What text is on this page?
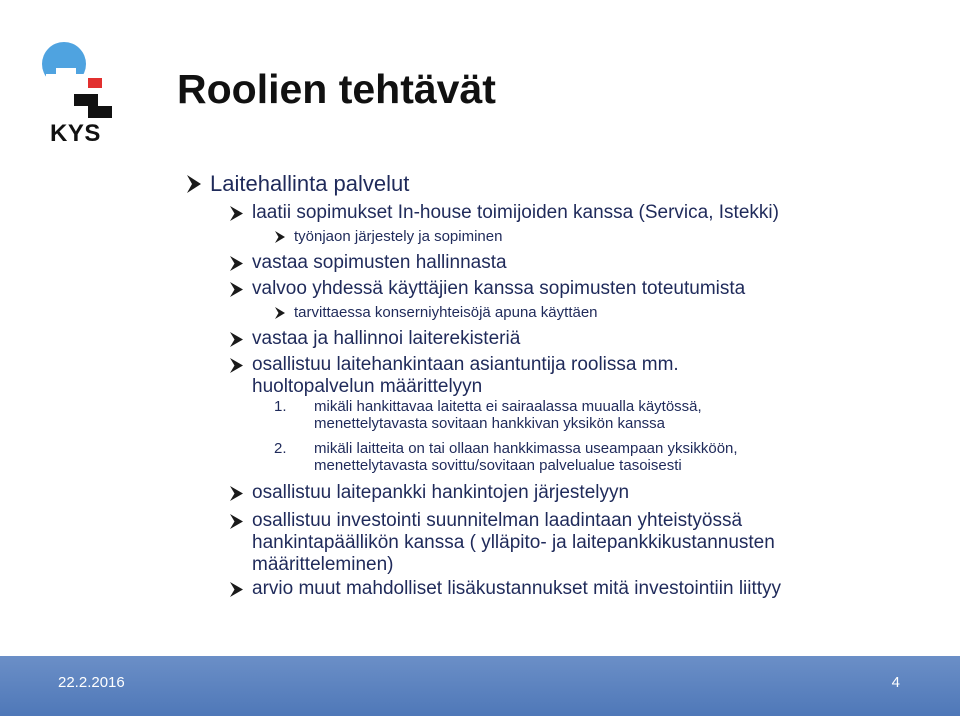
KYS
Roolien tehtävät
Laitehallinta palvelut
laatii sopimukset In-house toimijoiden kanssa (Servica, Istekki)
työnjaon järjestely ja sopiminen
vastaa sopimusten hallinnasta
valvoo yhdessä käyttäjien kanssa sopimusten toteutumista
tarvittaessa konserniyhteisöjä apuna käyttäen
vastaa ja hallinnoi laiterekisteriä
osallistuu laitehankintaan asiantuntija roolissa mm.
huoltopalvelun määrittelyyn
1.	mikäli hankittavaa laitetta ei sairaalassa muualla käytössä,
menettelytavasta sovitaan hankkivan yksikön kanssa
2.	mikäli laitteita on tai ollaan hankkimassa useampaan yksikköön,
menettelytavasta sovittu/sovitaan palvelualue tasoisesti
osallistuu laitepankki hankintojen järjestelyyn
osallistuu investointi suunnitelman laadintaan yhteistyössä
hankintapäällikön kanssa ( ylläpito- ja laitepankkikustannusten
määritteleminen)
arvio muut mahdolliset lisäkustannukset mitä investointiin liittyy
22.2.2016	4
